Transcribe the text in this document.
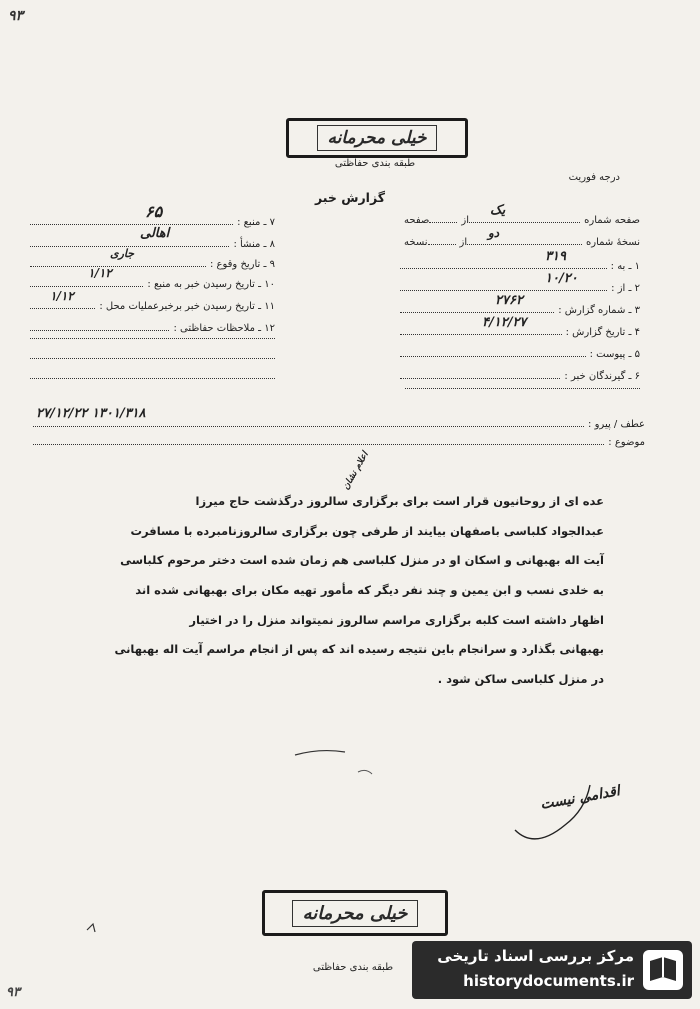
۹۳
خیلی محرمانه
طبقه بندی حفاظتی
درجه فوریت
گزارش خبر
صفحه شماره
از
صفحه
یک
نسخۀ شماره
از
نسخه
دو
۱ ـ به :
۳۱۹
۲ ـ از :
۱۰/۲۰
۳ ـ شماره گزارش :
۲۷۶۲
۴ ـ تاریخ گزارش :
۴/۱۲/۲۷
۵ ـ پیوست :
۶ ـ گیرندگان خبر :
۷ ـ منبع :
۶۵
۸ ـ منشأ :
اهالی
۹ ـ تاریخ وقوع :
جاری
۱۰ ـ تاریخ رسیدن خبر به منبع :
۱/۱۲
۱۱ ـ تاریخ رسیدن خبر برخبرعملیات محل :
۱/۱۲
۱۲ ـ ملاحظات حفاظتی :
عطف / پیرو :
۲۷/۱۲/۲۲ ۱۳۰۱/۳۱۸
موضوع :
اعلام نشان
عده ای از روحانیون قرار است برای برگزاری سالروز درگذشت حاج میرزا
عبدالجواد کلباسی باصفهان بیایند از طرفی چون برگزاری سالروزنامبرده با مسافرت
آیت اله بهبهانی و اسکان او در منزل کلباسی هم زمان شده است دختر مرحوم کلباسی
به خلدی نسب و ابن یمین و چند نفر دیگر که مأمور تهیه مکان برای بهبهانی شده اند
اظهار داشته است کلبه برگزاری مراسم سالروز نمیتواند منزل را در اختیار
بهبهانی بگذارد و سرانجام باین نتیجه رسیده اند که پس از انجام مراسم آیت اله بهبهانی
در منزل کلباسی ساکن شود .
اقدامی نیست
خیلی محرمانه
طبقه بندی حفاظتی
۹۳
مرکز بررسی اسناد تاریخی
historydocuments.ir
